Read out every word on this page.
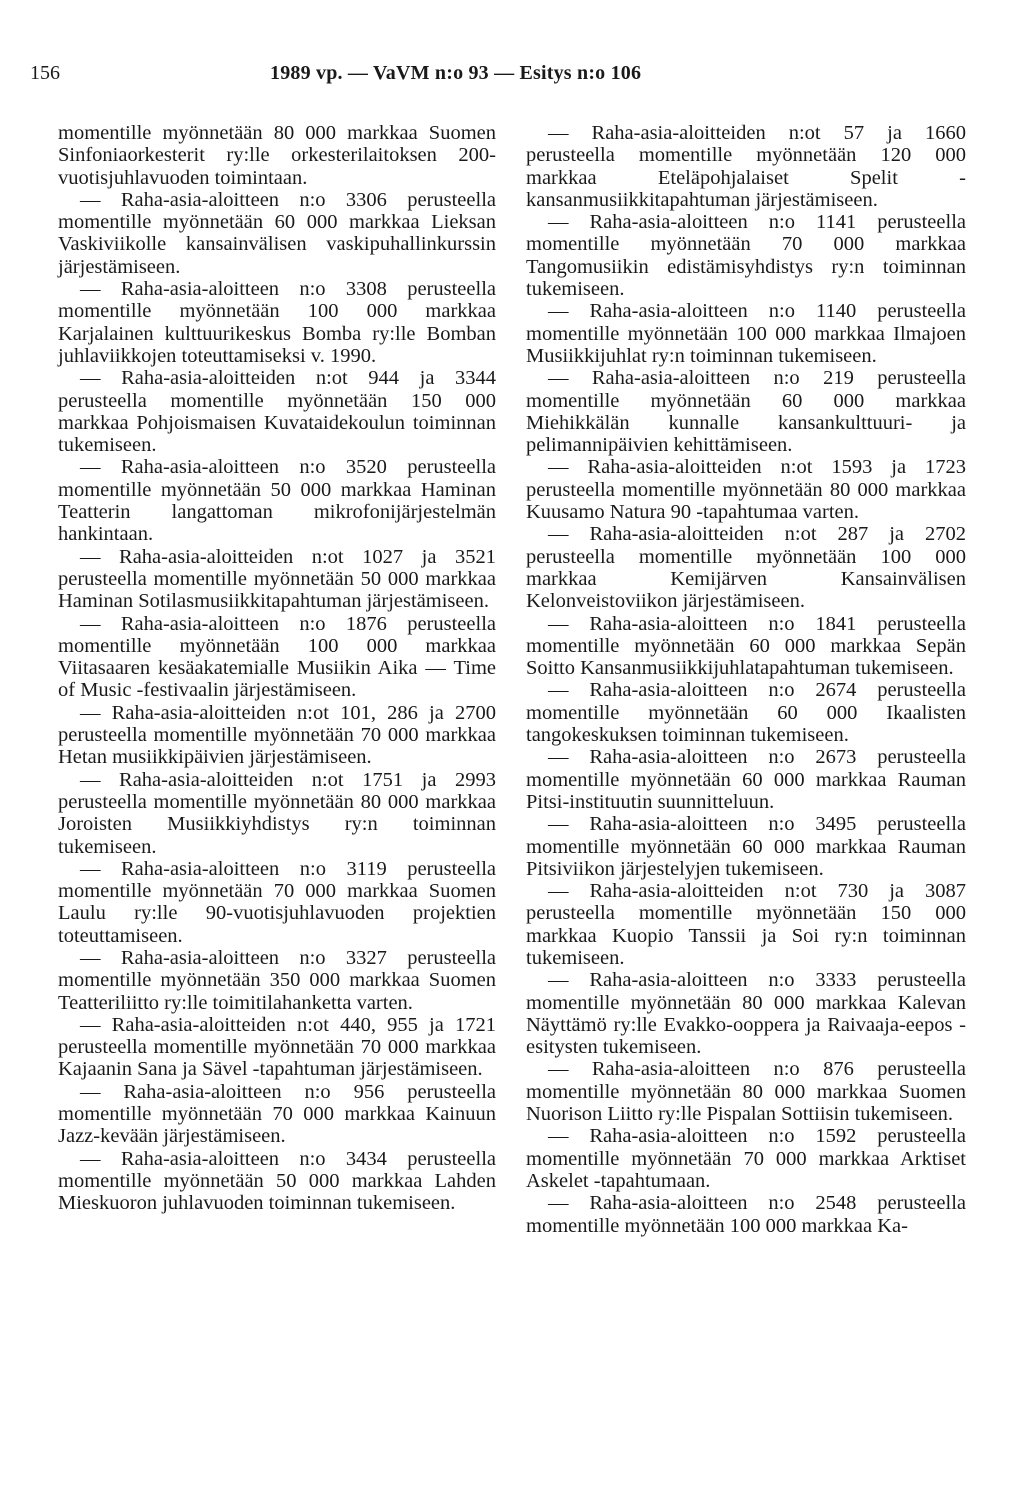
156	1989 vp. — VaVM n:o 93 — Esitys n:o 106

momentille myönnetään 80 000 markkaa Suomen Sinfoniaorkesterit ry:lle orkesterilaitoksen 200-vuotisjuhlavuoden toimintaan.

— Raha-asia-aloitteen n:o 3306 perusteella momentille myönnetään 60 000 markkaa Lieksan Vaskiviikolle kansainvälisen vaskipuhallinkurssin järjestämiseen.

— Raha-asia-aloitteen n:o 3308 perusteella momentille myönnetään 100 000 markkaa Karjalainen kulttuurikeskus Bomba ry:lle Bomban juhlaviikkojen toteuttamiseksi v. 1990.

— Raha-asia-aloitteiden n:ot 944 ja 3344 perusteella momentille myönnetään 150 000 markkaa Pohjoismaisen Kuvataidekoulun toiminnan tukemiseen.

— Raha-asia-aloitteen n:o 3520 perusteella momentille myönnetään 50 000 markkaa Haminan Teatterin langattoman mikrofonijärjestelmän hankintaan.

— Raha-asia-aloitteiden n:ot 1027 ja 3521 perusteella momentille myönnetään 50 000 markkaa Haminan Sotilasmusiikkitapahtuman järjestämiseen.

— Raha-asia-aloitteen n:o 1876 perusteella momentille myönnetään 100 000 markkaa Viitasaaren kesäakatemialle Musiikin Aika — Time of Music -festivaalin järjestämiseen.

— Raha-asia-aloitteiden n:ot 101, 286 ja 2700 perusteella momentille myönnetään 70 000 markkaa Hetan musiikkipäivien järjestämiseen.

— Raha-asia-aloitteiden n:ot 1751 ja 2993 perusteella momentille myönnetään 80 000 markkaa Joroisten Musiikkiyhdistys ry:n toiminnan tukemiseen.

— Raha-asia-aloitteen n:o 3119 perusteella momentille myönnetään 70 000 markkaa Suomen Laulu ry:lle 90-vuotisjuhlavuoden projektien toteuttamiseen.

— Raha-asia-aloitteen n:o 3327 perusteella momentille myönnetään 350 000 markkaa Suomen Teatteriliitto ry:lle toimitilahanketta varten.

— Raha-asia-aloitteiden n:ot 440, 955 ja 1721 perusteella momentille myönnetään 70 000 markkaa Kajaanin Sana ja Sävel -tapahtuman järjestämiseen.

— Raha-asia-aloitteen n:o 956 perusteella momentille myönnetään 70 000 markkaa Kainuun Jazz-kevään järjestämiseen.

— Raha-asia-aloitteen n:o 3434 perusteella momentille myönnetään 50 000 markkaa Lahden Mieskuoron juhlavuoden toiminnan tukemiseen.

— Raha-asia-aloitteiden n:ot 57 ja 1660 perusteella momentille myönnetään 120 000 markkaa Eteläpohjalaiset Spelit -kansanmusiikkitapahtuman järjestämiseen.

— Raha-asia-aloitteen n:o 1141 perusteella momentille myönnetään 70 000 markkaa Tangomusiikin edistämisyhdistys ry:n toiminnan tukemiseen.

— Raha-asia-aloitteen n:o 1140 perusteella momentille myönnetään 100 000 markkaa Ilmajoen Musiikkijuhlat ry:n toiminnan tukemiseen.

— Raha-asia-aloitteen n:o 219 perusteella momentille myönnetään 60 000 markkaa Miehikkälän kunnalle kansankulttuuri- ja pelimannipäivien kehittämiseen.

— Raha-asia-aloitteiden n:ot 1593 ja 1723 perusteella momentille myönnetään 80 000 markkaa Kuusamo Natura 90 -tapahtumaa varten.

— Raha-asia-aloitteiden n:ot 287 ja 2702 perusteella momentille myönnetään 100 000 markkaa Kemijärven Kansainvälisen Kelonveistoviikon järjestämiseen.

— Raha-asia-aloitteen n:o 1841 perusteella momentille myönnetään 60 000 markkaa Sepän Soitto Kansanmusiikkijuhlatapahtuman tukemiseen.

— Raha-asia-aloitteen n:o 2674 perusteella momentille myönnetään 60 000 Ikaalisten tangokeskuksen toiminnan tukemiseen.

— Raha-asia-aloitteen n:o 2673 perusteella momentille myönnetään 60 000 markkaa Rauman Pitsi-instituutin suunnitteluun.

— Raha-asia-aloitteen n:o 3495 perusteella momentille myönnetään 60 000 markkaa Rauman Pitsiviikon järjestelyjen tukemiseen.

— Raha-asia-aloitteiden n:ot 730 ja 3087 perusteella momentille myönnetään 150 000 markkaa Kuopio Tanssii ja Soi ry:n toiminnan tukemiseen.

— Raha-asia-aloitteen n:o 3333 perusteella momentille myönnetään 80 000 markkaa Kalevan Näyttämö ry:lle Evakko-ooppera ja Raivaaja-eepos -esitysten tukemiseen.

— Raha-asia-aloitteen n:o 876 perusteella momentille myönnetään 80 000 markkaa Suomen Nuorison Liitto ry:lle Pispalan Sottiisin tukemiseen.

— Raha-asia-aloitteen n:o 1592 perusteella momentille myönnetään 70 000 markkaa Arktiset Askelet -tapahtumaan.

— Raha-asia-aloitteen n:o 2548 perusteella momentille myönnetään 100 000 markkaa Ka-
